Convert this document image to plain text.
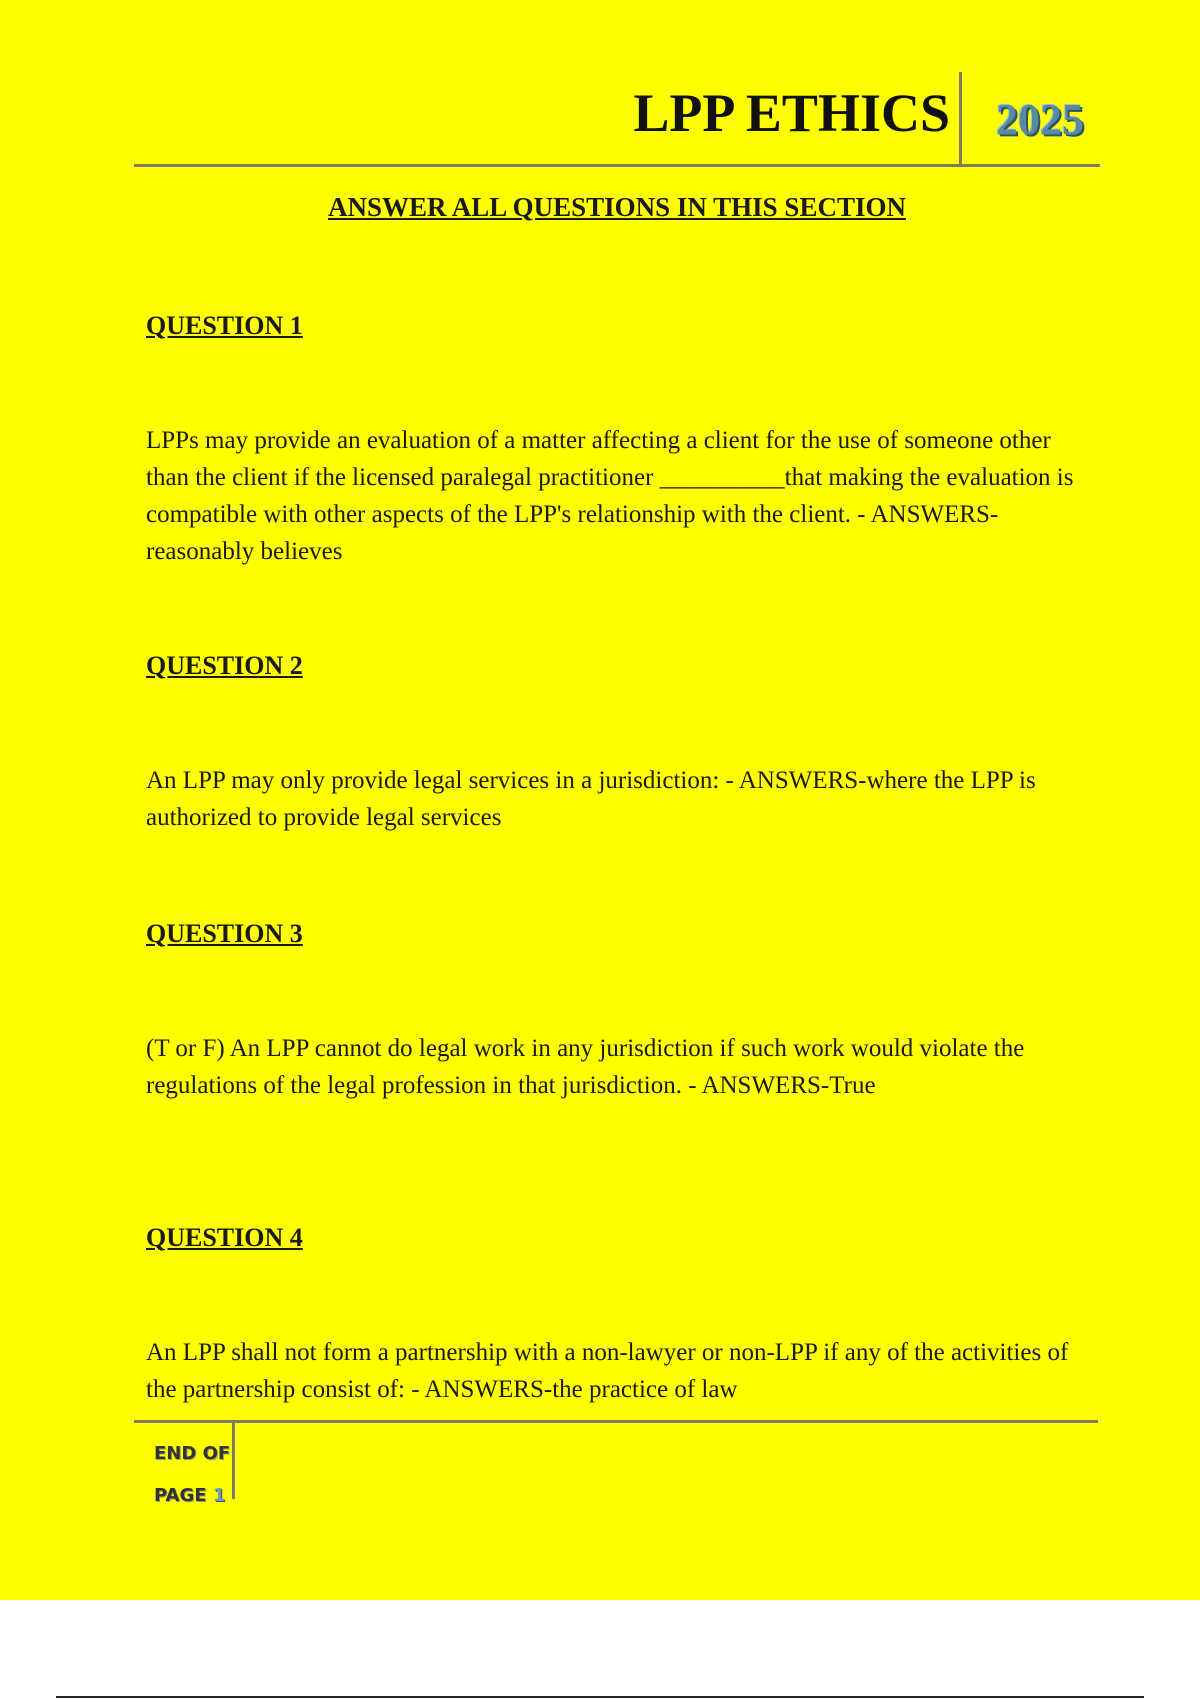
LPP ETHICS 2025
ANSWER ALL QUESTIONS IN THIS SECTION

QUESTION 1

LPPs may provide an evaluation of a matter affecting a client for the use of someone other than the client if the licensed paralegal practitioner __________that making the evaluation is compatible with other aspects of the LPP's relationship with the client. - ANSWERS-reasonably believes

QUESTION 2

An LPP may only provide legal services in a jurisdiction: - ANSWERS-where the LPP is authorized to provide legal services

QUESTION 3

(T or F) An LPP cannot do legal work in any jurisdiction if such work would violate the regulations of the legal profession in that jurisdiction. - ANSWERS-True

QUESTION 4

An LPP shall not form a partnership with a non-lawyer or non-LPP if any of the activities of the partnership consist of: - ANSWERS-the practice of law

END OF
PAGE 1
